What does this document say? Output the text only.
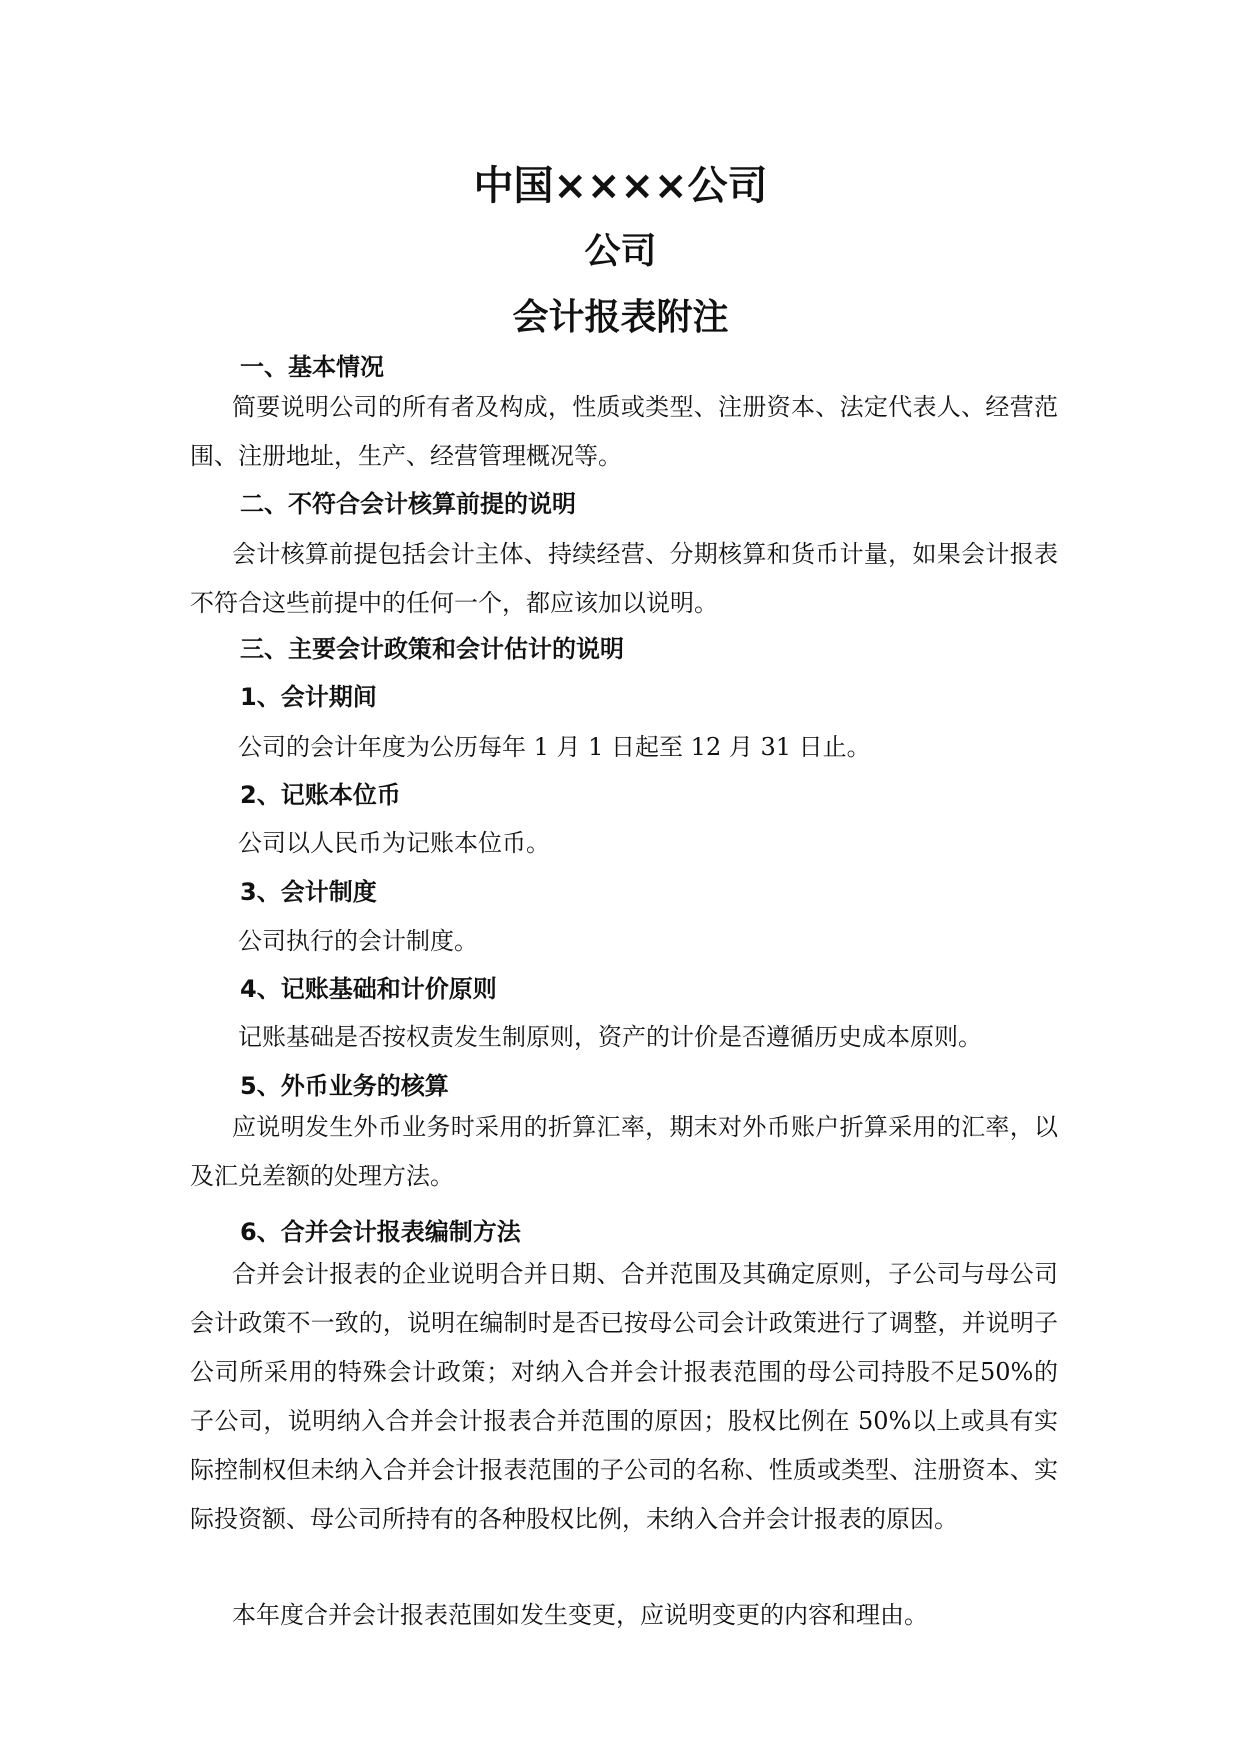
中国××××公司
公司
会计报表附注
一、基本情况
简要说明公司的所有者及构成，性质或类型、注册资本、法定代表人、经营范围、注册地址，生产、经营管理概况等。
二、不符合会计核算前提的说明
会计核算前提包括会计主体、持续经营、分期核算和货币计量，如果会计报表不符合这些前提中的任何一个，都应该加以说明。
三、主要会计政策和会计估计的说明
1、会计期间
公司的会计年度为公历每年 1 月 1 日起至 12 月 31 日止。
2、记账本位币
公司以人民币为记账本位币。
3、会计制度
公司执行的会计制度。
4、记账基础和计价原则
记账基础是否按权责发生制原则，资产的计价是否遵循历史成本原则。
5、外币业务的核算
应说明发生外币业务时采用的折算汇率，期末对外币账户折算采用的汇率，以及汇兑差额的处理方法。
6、合并会计报表编制方法
合并会计报表的企业说明合并日期、合并范围及其确定原则，子公司与母公司会计政策不一致的，说明在编制时是否已按母公司会计政策进行了调整，并说明子公司所采用的特殊会计政策；对纳入合并会计报表范围的母公司持股不足50%的子公司，说明纳入合并会计报表合并范围的原因；股权比例在 50%以上或具有实际控制权但未纳入合并会计报表范围的子公司的名称、性质或类型、注册资本、实际投资额、母公司所持有的各种股权比例，未纳入合并会计报表的原因。
本年度合并会计报表范围如发生变更，应说明变更的内容和理由。
